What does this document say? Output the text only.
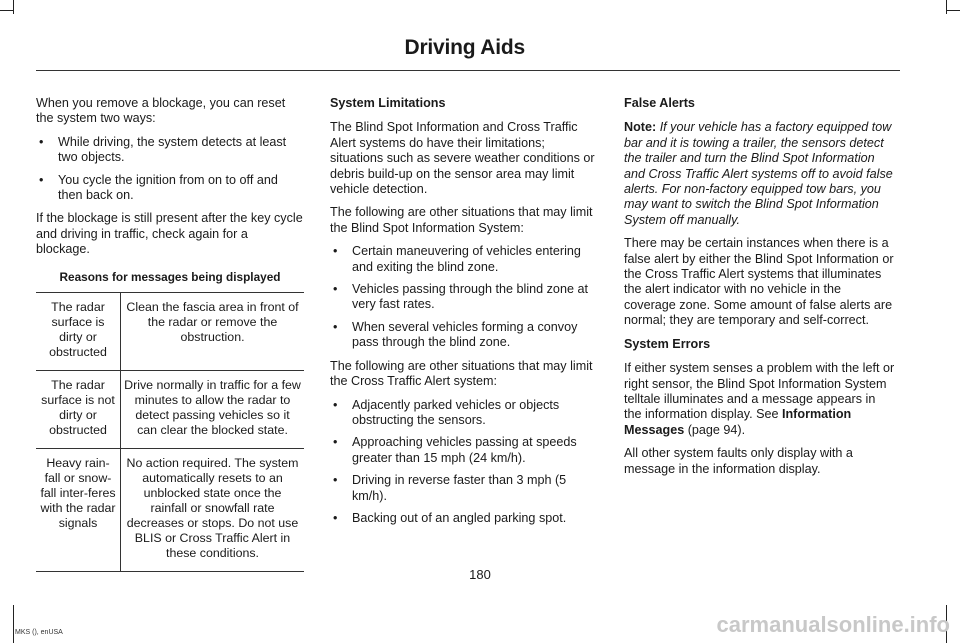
Driving Aids

When you remove a blockage, you can reset the system two ways:

• While driving, the system detects at least two objects.
• You cycle the ignition from on to off and then back on.

If the blockage is still present after the key cycle and driving in traffic, check again for a blockage.

Reasons for messages being displayed	
The radar surface is dirty or obstructed	Clean the fascia area in front of the radar or remove the obstruction.
The radar surface is not dirty or obstructed	Drive normally in traffic for a few minutes to allow the radar to detect passing vehicles so it can clear the blocked state.
Heavy rain-fall or snow-fall inter-feres with the radar signals	No action required. The system automatically resets to an unblocked state once the rainfall or snowfall rate decreases or stops. Do not use BLIS or Cross Traffic Alert in these conditions.
System Limitations

The Blind Spot Information and Cross Traffic Alert systems do have their limitations; situations such as severe weather conditions or debris build-up on the sensor area may limit vehicle detection.

The following are other situations that may limit the Blind Spot Information System:

• Certain maneuvering of vehicles entering and exiting the blind zone.
• Vehicles passing through the blind zone at very fast rates.
• When several vehicles forming a convoy pass through the blind zone.

The following are other situations that may limit the Cross Traffic Alert system:

• Adjacently parked vehicles or objects obstructing the sensors.
• Approaching vehicles passing at speeds greater than 15 mph (24 km/h).
• Driving in reverse faster than 3 mph (5 km/h).
• Backing out of an angled parking spot.
False Alerts

Note: If your vehicle has a factory equipped tow bar and it is towing a trailer, the sensors detect the trailer and turn the Blind Spot Information and Cross Traffic Alert systems off to avoid false alerts. For non-factory equipped tow bars, you may want to switch the Blind Spot Information System off manually.

There may be certain instances when there is a false alert by either the Blind Spot Information or the Cross Traffic Alert systems that illuminates the alert indicator with no vehicle in the coverage zone. Some amount of false alerts are normal; they are temporary and self-correct.

System Errors

If either system senses a problem with the left or right sensor, the Blind Spot Information System telltale illuminates and a message appears in the information display. See Information Messages (page 94).

All other system faults only display with a message in the information display.

180
MKS (), enUSA	carmanualsonline.info
